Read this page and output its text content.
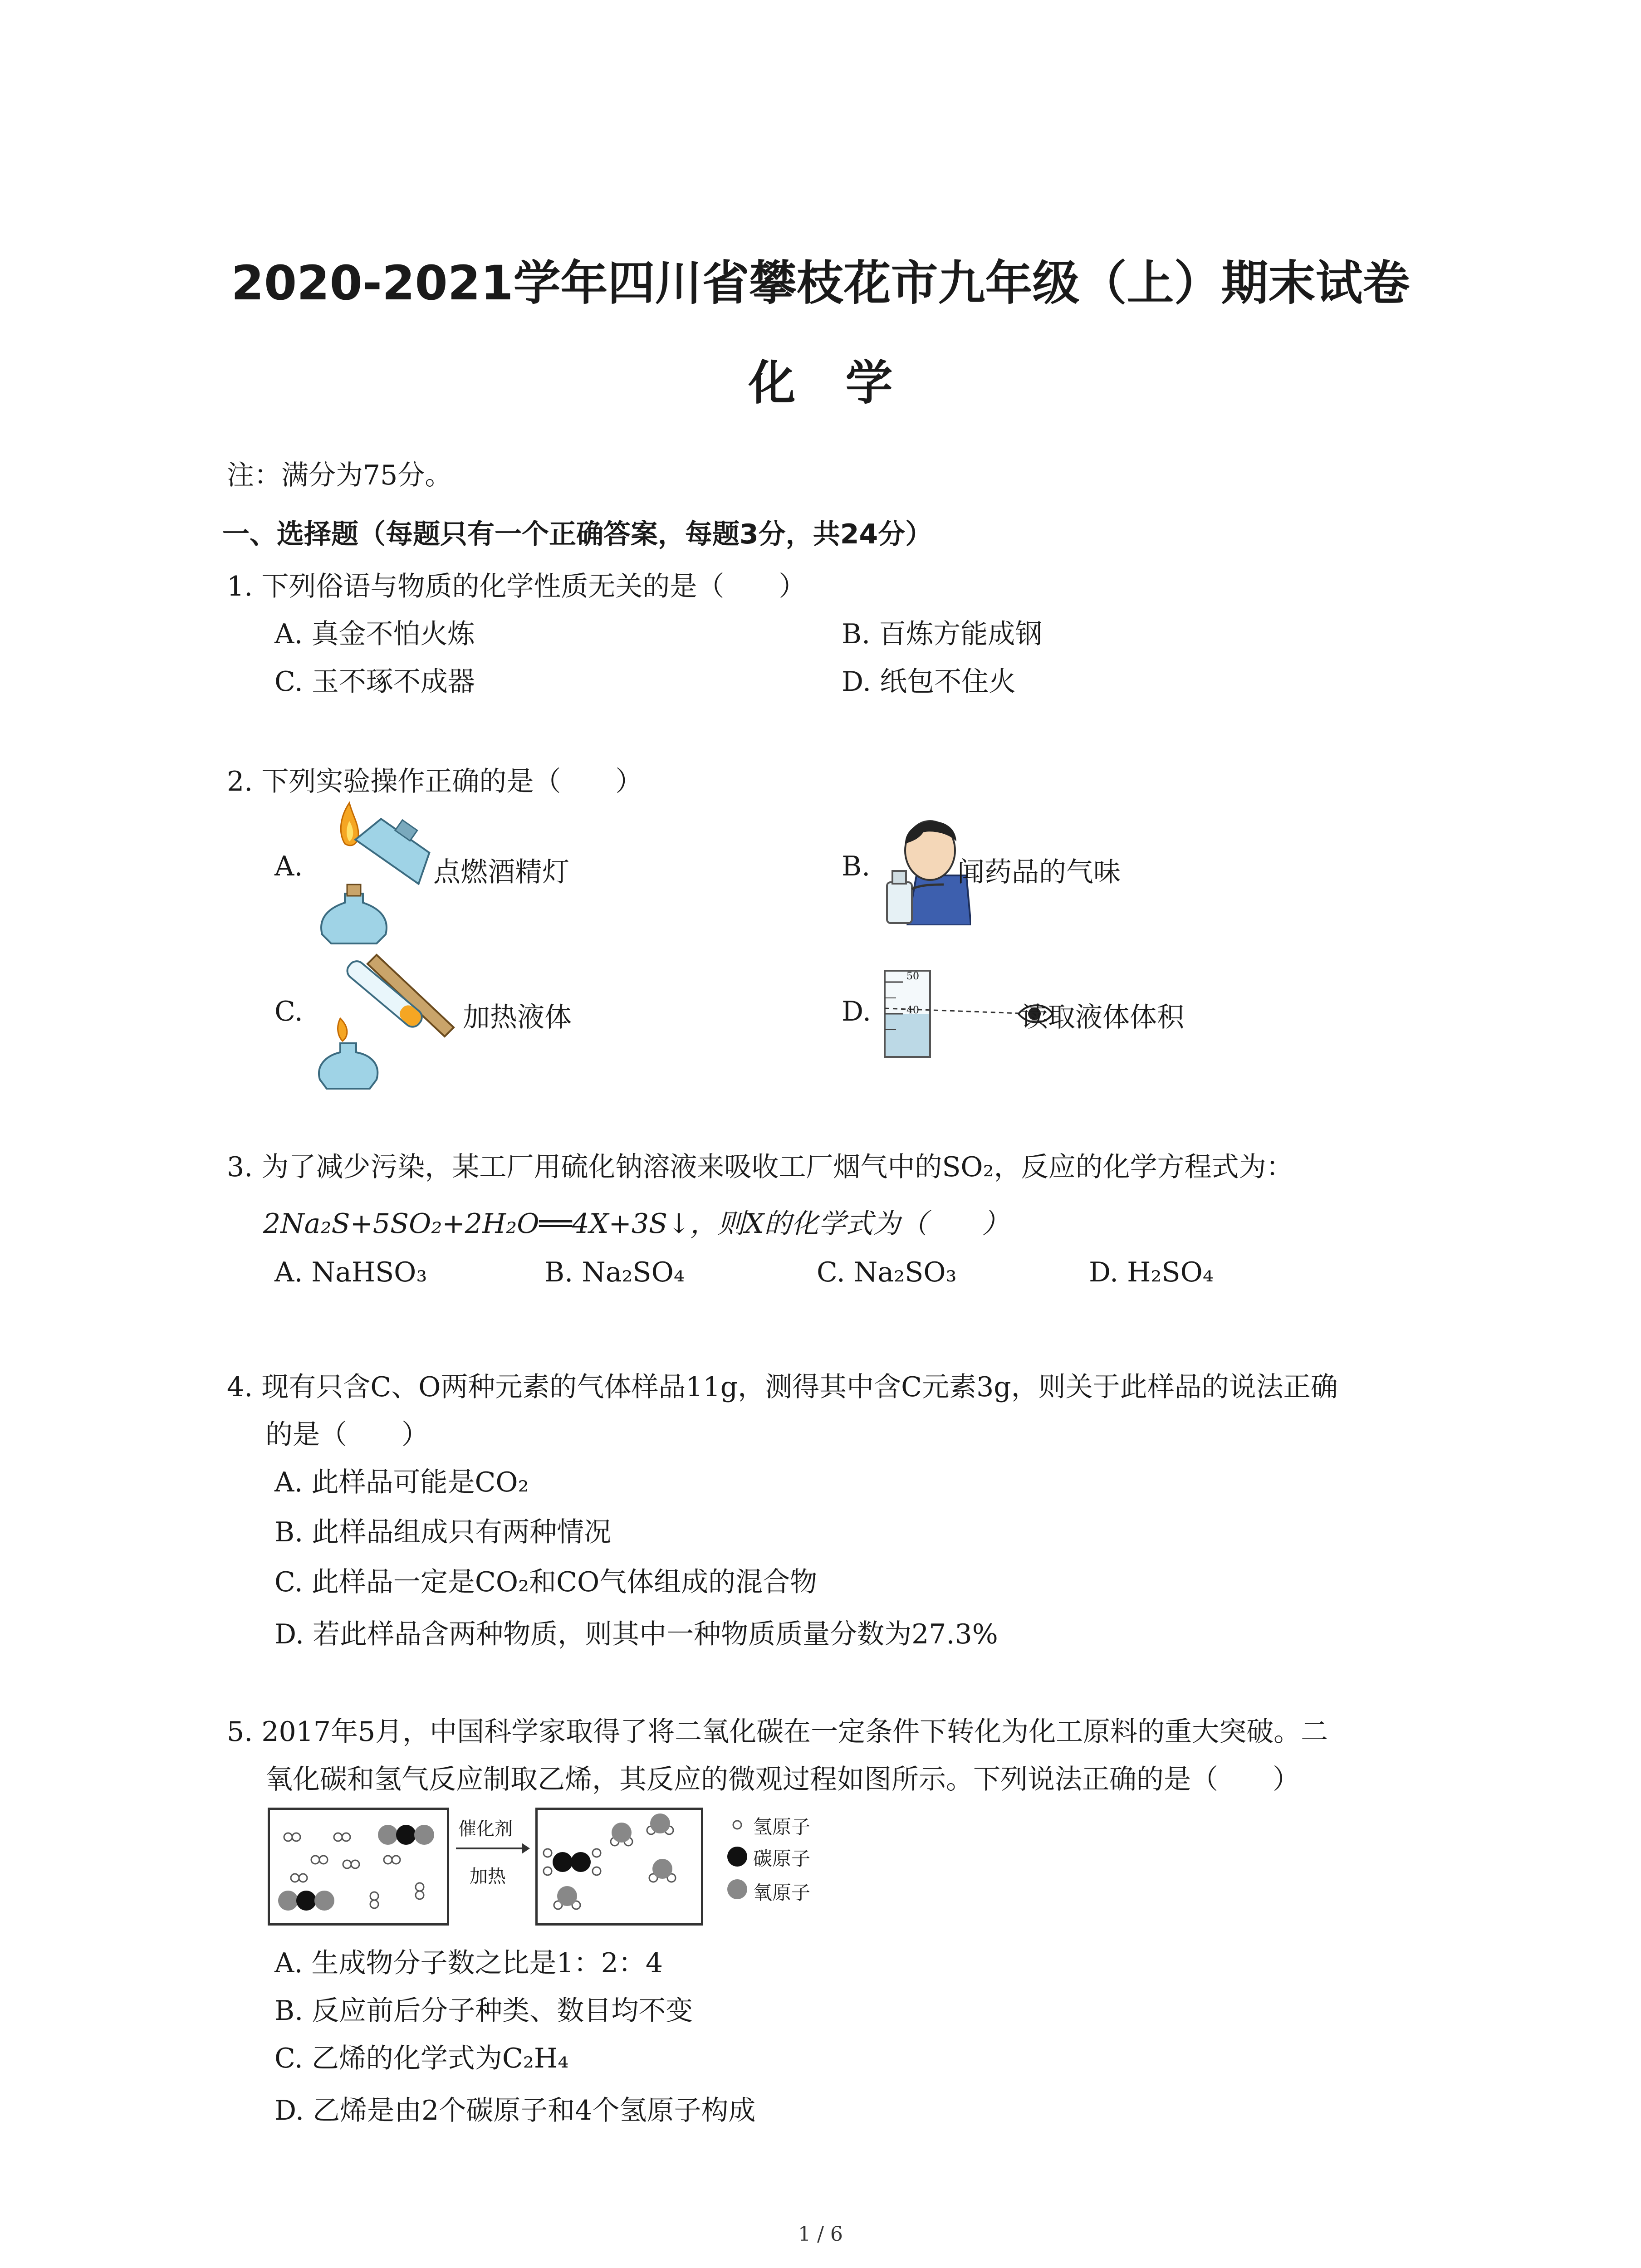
2020-2021学年四川省攀枝花市九年级（上）期末试卷
化学
注：满分为75分。
一、选择题（每题只有一个正确答案，每题3分，共24分）
1. 下列俗语与物质的化学性质无关的是（　　）
A. 真金不怕火炼	B. 百炼方能成钢
C. 玉不琢不成器	D. 纸包不住火
2. 下列实验操作正确的是（　　）
A.	点燃酒精灯	B.	闻药品的气味
C.	加热液体	D.
50
40	读取液体体积
3. 为了减少污染，某工厂用硫化钠溶液来吸收工厂烟气中的SO₂，反应的化学方程式为：
2Na₂S+5SO₂+2H₂O══4X+3S↓，则X的化学式为（　　）
A. NaHSO₃	B. Na₂SO₄	C. Na₂SO₃	D. H₂SO₄
4. 现有只含C、O两种元素的气体样品11g，测得其中含C元素3g，则关于此样品的说法正确
的是（　　）
A. 此样品可能是CO₂
B. 此样品组成只有两种情况
C. 此样品一定是CO₂和CO气体组成的混合物
D. 若此样品含两种物质，则其中一种物质质量分数为27.3%
5. 2017年5月，中国科学家取得了将二氧化碳在一定条件下转化为化工原料的重大突破。二
氧化碳和氢气反应制取乙烯，其反应的微观过程如图所示。下列说法正确的是（　　）
催化剂
加热
氢原子
碳原子
氧原子
A. 生成物分子数之比是1：2：4
B. 反应前后分子种类、数目均不变
C. 乙烯的化学式为C₂H₄
D. 乙烯是由2个碳原子和4个氢原子构成
1 / 6
